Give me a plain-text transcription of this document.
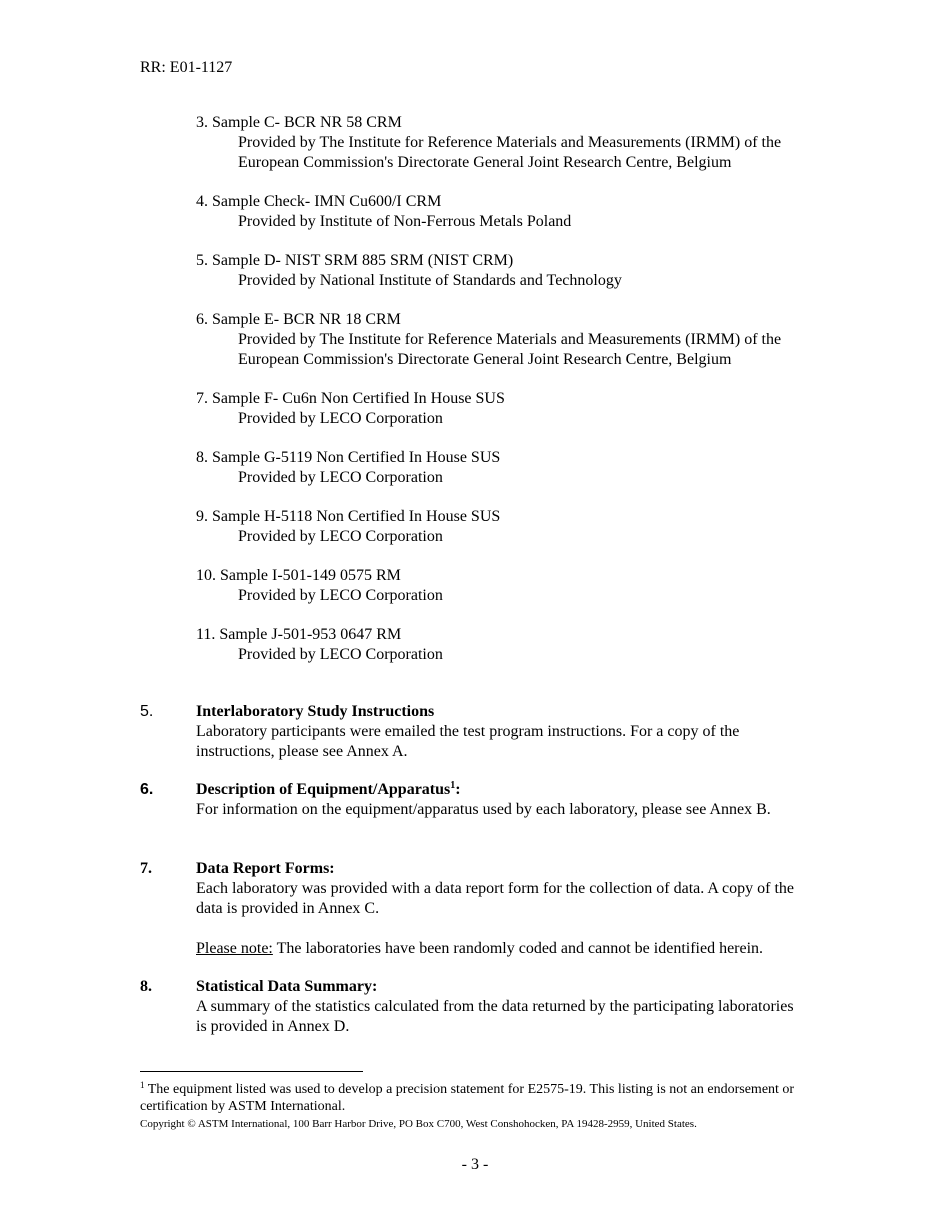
RR: E01-1127
3. Sample C- BCR NR 58 CRM
Provided by The Institute for Reference Materials and Measurements (IRMM) of the European Commission's Directorate General Joint Research Centre, Belgium
4. Sample Check- IMN Cu600/I CRM
Provided by Institute of Non-Ferrous Metals Poland
5. Sample D- NIST SRM 885 SRM (NIST CRM)
Provided by National Institute of Standards and Technology
6. Sample E- BCR NR 18 CRM
Provided by The Institute for Reference Materials and Measurements (IRMM) of the European Commission's Directorate General Joint Research Centre, Belgium
7. Sample F- Cu6n Non Certified In House SUS
Provided by LECO Corporation
8. Sample G-5119 Non Certified In House SUS
Provided by LECO Corporation
9. Sample H-5118 Non Certified In House SUS
Provided by LECO Corporation
10. Sample I-501-149 0575 RM
Provided by LECO Corporation
11. Sample J-501-953 0647 RM
Provided by LECO Corporation
5.	Interlaboratory Study Instructions
Laboratory participants were emailed the test program instructions. For a copy of the instructions, please see Annex A.
6.	Description of Equipment/Apparatus$^1$:
For information on the equipment/apparatus used by each laboratory, please see Annex B.
7.	Data Report Forms:
Each laboratory was provided with a data report form for the collection of data. A copy of the data is provided in Annex C.
Please note: The laboratories have been randomly coded and cannot be identified herein.
8.	Statistical Data Summary:
A summary of the statistics calculated from the data returned by the participating laboratories is provided in Annex D.
$^1$ The equipment listed was used to develop a precision statement for E2575-19. This listing is not an endorsement or certification by ASTM International.
Copyright © ASTM International, 100 Barr Harbor Drive, PO Box C700, West Conshohocken, PA 19428-2959, United States.
- 3 -
